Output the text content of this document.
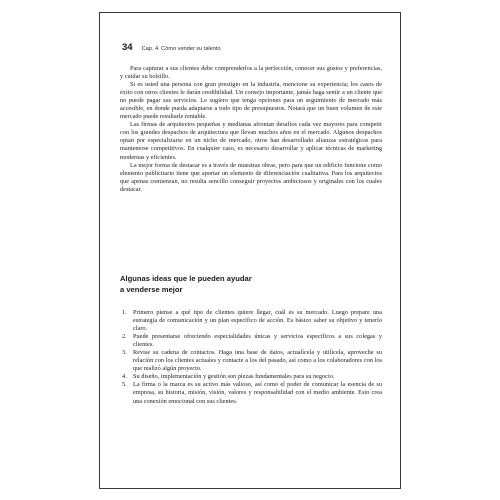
34 Cap. 4. Cómo vender su talento

Para capturar a sus clientes debe comprenderlos a la perfección, conocer sus gustos y preferencias, y cuidar su bolsillo.

Si es usted una persona con gran prestigio en la industria, mencione su experiencia; los casos de éxito con otros clientes le darán credibilidad. Un consejo importante, jamás haga sentir a un cliente que no puede pagar sus servicios. Le sugiero que tenga opciones para un seguimiento de mercado más accesible, en donde pueda adaptarse a todo tipo de presupuestos. Notará que un buen volumen de este mercado puede resultarle rentable.

Las firmas de arquitectos pequeñas y medianas afrontan desafíos cada vez mayores para competir con los grandes despachos de arquitectura que llevan muchos años en el mercado. Algunos despachos optan por especializarse en un nicho de mercado, otros han desarrollado alianzas estratégicas para mantenerse competitivos. En cualquier caso, es necesario desarrollar y aplicar técnicas de marketing modernas y eficientes.

La mejor forma de destacar es a través de muestras obras, pero para que un edificio funcione como elemento publicitario tiene que aportar un elemento de diferenciación cualitativa. Para los arquitectos que apenas comienzan, no resulta sencillo conseguir proyectos ambiciosos y originales con los cuales destacar.

Algunas ideas que le pueden ayudar
a venderse mejor
1. Primero piense a qué tipo de clientes quiere llegar, cuál es su mercado. Luego prepare una estrategia de comunicación y un plan específico de acción. Es básico saber su objetivo y tenerlo claro.
2. Puede presentarse ofreciendo especialidades únicas y servicios específicos a sus colegas y clientes.
3. Revise su cadena de contactos. Haga una base de datos, actualícela y utilícela, aproveche su relación con los clientes actuales y contacte a los del pasado, así como a los colaboradores con los que realizó algún proyecto.
4. Su diseño, implementación y gestión son piezas fundamentales para su negocio.
5. La firma o la marca es su activo más valioso, así como el poder de comunicar la esencia de su empresa, su historia, misión, visión, valores y responsabilidad con el medio ambiente. Esto crea una conexión emocional con sus clientes.
